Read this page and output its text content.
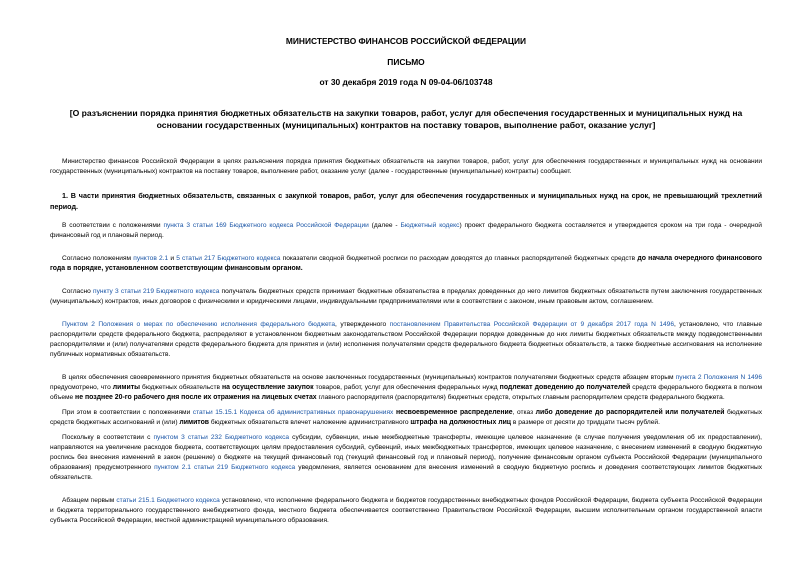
МИНИСТЕРСТВО ФИНАНСОВ РОССИЙСКОЙ ФЕДЕРАЦИИ
ПИСЬМО
от 30 декабря 2019 года N 09-04-06/103748
[О разъяснении порядка принятия бюджетных обязательств на закупки товаров, работ, услуг для обеспечения государственных и муниципальных нужд на основании государственных (муниципальных) контрактов на поставку товаров, выполнение работ, оказание услуг]

Министерство финансов Российской Федерации в целях разъяснения порядка принятия бюджетных обязательств на закупки товаров, работ, услуг для обеспечения государственных и муниципальных нужд на основании государственных (муниципальных) контрактов на поставку товаров, выполнение работ, оказание услуг (далее - государственные (муниципальные) контракты) сообщает.

1. В части принятия бюджетных обязательств, связанных с закупкой товаров, работ, услуг для обеспечения государственных и муниципальных нужд на срок, не превышающий трехлетний период.

В соответствии с положениями пункта 3 статьи 169 Бюджетного кодекса Российской Федерации (далее - Бюджетный кодекс) проект федерального бюджета составляется и утверждается сроком на три года - очередной финансовый год и плановый период.

Согласно положениям пунктов 2.1 и 5 статьи 217 Бюджетного кодекса показатели сводной бюджетной росписи по расходам доводятся до главных распорядителей бюджетных средств до начала очередного финансового года в порядке, установленном соответствующим финансовым органом.

Согласно пункту 3 статьи 219 Бюджетного кодекса получатель бюджетных средств принимает бюджетные обязательства в пределах доведенных до него лимитов бюджетных обязательств путем заключения государственных (муниципальных) контрактов, иных договоров с физическими и юридическими лицами, индивидуальными предпринимателями или в соответствии с законом, иным правовым актом, соглашением.

Пунктом 2 Положения о мерах по обеспечению исполнения федерального бюджета, утвержденного постановлением Правительства Российской Федерации от 9 декабря 2017 года N 1496, установлено, что главные распорядители средств федерального бюджета, распределяют в установленном бюджетным законодательством Российской Федерации порядке доведенные до них лимиты бюджетных обязательств между подведомственными распорядителями и (или) получателями средств федерального бюджета для принятия и (или) исполнения получателями средств федерального бюджета бюджетных обязательств, а также бюджетные ассигнования на исполнение публичных нормативных обязательств.

В целях обеспечения своевременного принятия бюджетных обязательств на основе заключенных государственных (муниципальных) контрактов получателями бюджетных средств абзацем вторым пункта 2 Положения N 1496 предусмотрено, что лимиты бюджетных обязательств на осуществление закупок товаров, работ, услуг для обеспечения федеральных нужд подлежат доведению до получателей средств федерального бюджета в полном объеме не позднее 20-го рабочего дня после их отражения на лицевых счетах главного распорядителя (распорядителя) бюджетных средств, открытых главным распорядителем средств федерального бюджета.

При этом в соответствии с положениями статьи 15.15.1 Кодекса об административных правонарушениях несвоевременное распределение, отказ либо доведение до распорядителей или получателей бюджетных средств бюджетных ассигнований и (или) лимитов бюджетных обязательств влечет наложение административного штрафа на должностных лиц в размере от десяти до тридцати тысяч рублей.

Поскольку в соответствии с пунктом 3 статьи 232 Бюджетного кодекса субсидии, субвенции, иные межбюджетные трансферты, имеющие целевое назначение (в случае получения уведомления об их предоставлении), направляются на увеличение расходов бюджета, соответствующих целям предоставления субсидий, субвенций, иных межбюджетных трансфертов, имеющих целевое назначение, с внесением изменений в сводную бюджетную роспись без внесения изменений в закон (решение) о бюджете на текущий финансовый год (текущий финансовый год и плановый период), получение финансовым органом субъекта Российской Федерации (муниципального образования) предусмотренного пунктом 2.1 статьи 219 Бюджетного кодекса уведомления, является основанием для внесения изменений в сводную бюджетную роспись и доведения соответствующих лимитов бюджетных обязательств.

Абзацем первым статьи 215.1 Бюджетного кодекса установлено, что исполнение федерального бюджета и бюджетов государственных внебюджетных фондов Российской Федерации, бюджета субъекта Российской Федерации и бюджета территориального государственного внебюджетного фонда, местного бюджета обеспечивается соответственно Правительством Российской Федерации, высшим исполнительным органом государственной власти субъекта Российской Федерации, местной администрацией муниципального образования.
